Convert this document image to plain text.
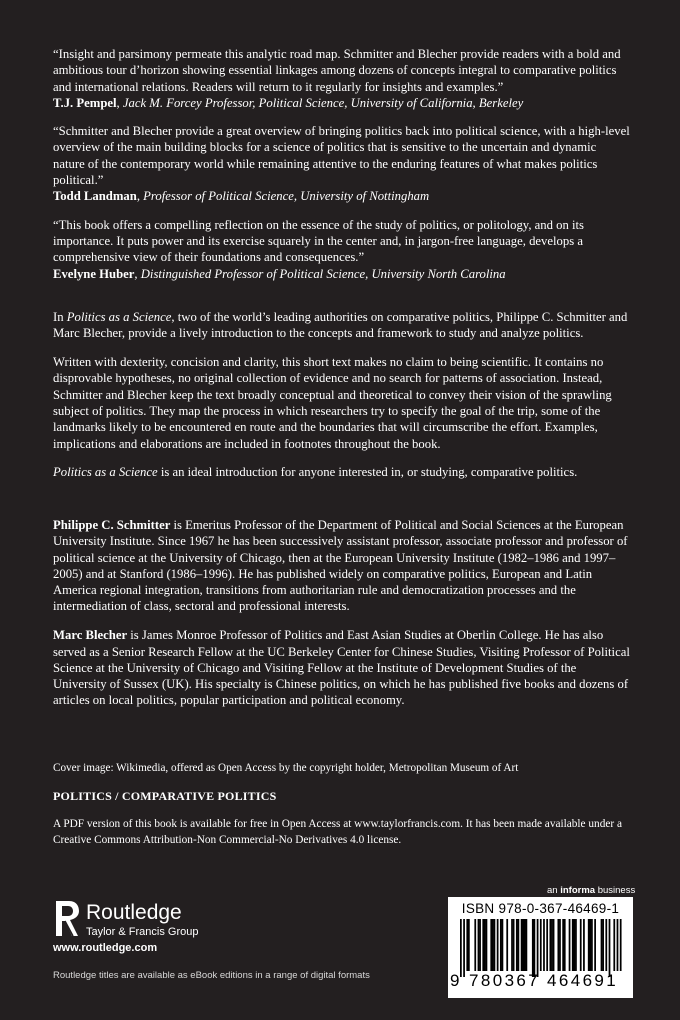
“Insight and parsimony permeate this analytic road map. Schmitter and Blecher provide readers with a bold and ambitious tour d’horizon showing essential linkages among dozens of concepts integral to comparative politics and international relations. Readers will return to it regularly for insights and examples.”
T.J. Pempel, Jack M. Forcey Professor, Political Science, University of California, Berkeley
“Schmitter and Blecher provide a great overview of bringing politics back into political science, with a high-level overview of the main building blocks for a science of politics that is sensitive to the uncertain and dynamic nature of the contemporary world while remaining attentive to the enduring features of what makes politics political.”
Todd Landman, Professor of Political Science, University of Nottingham
“This book offers a compelling reflection on the essence of the study of politics, or politology, and on its importance. It puts power and its exercise squarely in the center and, in jargon-free language, develops a comprehensive view of their foundations and consequences.”
Evelyne Huber, Distinguished Professor of Political Science, University North Carolina

In Politics as a Science, two of the world’s leading authorities on comparative politics, Philippe C. Schmitter and Marc Blecher, provide a lively introduction to the concepts and framework to study and analyze politics.

Written with dexterity, concision and clarity, this short text makes no claim to being scientific. It contains no disprovable hypotheses, no original collection of evidence and no search for patterns of association. Instead, Schmitter and Blecher keep the text broadly conceptual and theoretical to convey their vision of the sprawling subject of politics. They map the process in which researchers try to specify the goal of the trip, some of the landmarks likely to be encountered en route and the boundaries that will circumscribe the effort. Examples, implications and elaborations are included in footnotes throughout the book.

Politics as a Science is an ideal introduction for anyone interested in, or studying, comparative politics.

Philippe C. Schmitter is Emeritus Professor of the Department of Political and Social Sciences at the European University Institute. Since 1967 he has been successively assistant professor, associate professor and professor of political science at the University of Chicago, then at the European University Institute (1982–1986 and 1997–2005) and at Stanford (1986–1996). He has published widely on comparative politics, European and Latin America regional integration, transitions from authoritarian rule and democratization processes and the intermediation of class, sectoral and professional interests.

Marc Blecher is James Monroe Professor of Politics and East Asian Studies at Oberlin College. He has also served as a Senior Research Fellow at the UC Berkeley Center for Chinese Studies, Visiting Professor of Political Science at the University of Chicago and Visiting Fellow at the Institute of Development Studies of the University of Sussex (UK). His specialty is Chinese politics, on which he has published five books and dozens of articles on local politics, popular participation and political economy.

Cover image: Wikimedia, offered as Open Access by the copyright holder, Metropolitan Museum of Art
POLITICS / COMPARATIVE POLITICS
A PDF version of this book is available for free in Open Access at www.taylorfrancis.com. It has been made available under a Creative Commons Attribution-Non Commercial-No Derivatives 4.0 license.
an informa business
ISBN 978-0-367-46469-1
9 780367 464691
Routledge
Taylor & Francis Group
www.routledge.com
Routledge titles are available as eBook editions in a range of digital formats
